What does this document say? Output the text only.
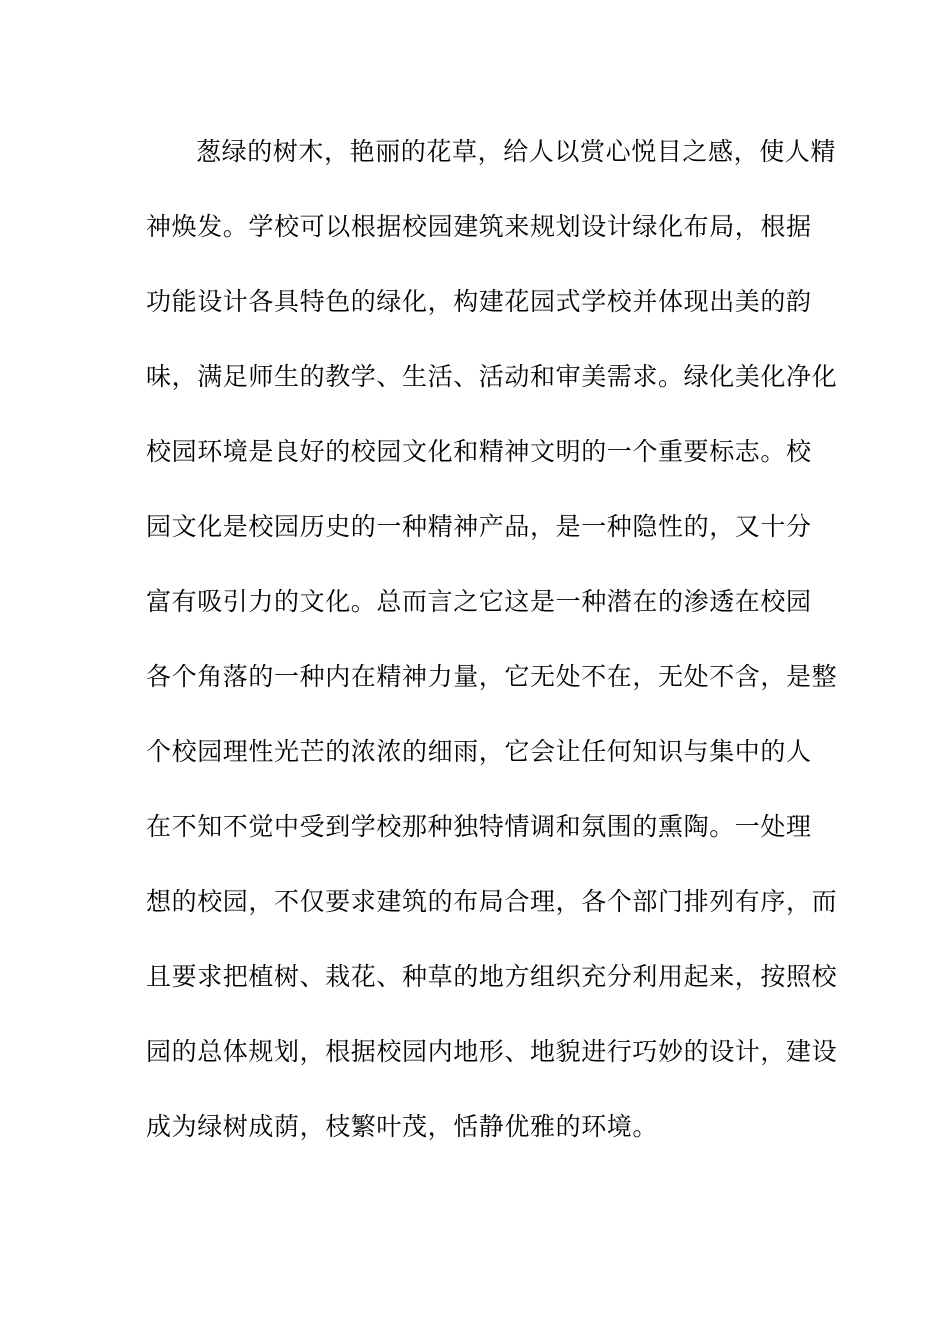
葱绿的树木，艳丽的花草，给人以赏心悦目之感，使人精
神焕发。学校可以根据校园建筑来规划设计绿化布局，根据
功能设计各具特色的绿化，构建花园式学校并体现出美的韵
味，满足师生的教学、生活、活动和审美需求。绿化美化净化
校园环境是良好的校园文化和精神文明的一个重要标志。校
园文化是校园历史的一种精神产品，是一种隐性的，又十分
富有吸引力的文化。总而言之它这是一种潜在的渗透在校园
各个角落的一种内在精神力量，它无处不在，无处不含，是整
个校园理性光芒的浓浓的细雨，它会让任何知识与集中的人
在不知不觉中受到学校那种独特情调和氛围的熏陶。一处理
想的校园，不仅要求建筑的布局合理，各个部门排列有序，而
且要求把植树、栽花、种草的地方组织充分利用起来，按照校
园的总体规划，根据校园内地形、地貌进行巧妙的设计，建设
成为绿树成荫，枝繁叶茂，恬静优雅的环境。
